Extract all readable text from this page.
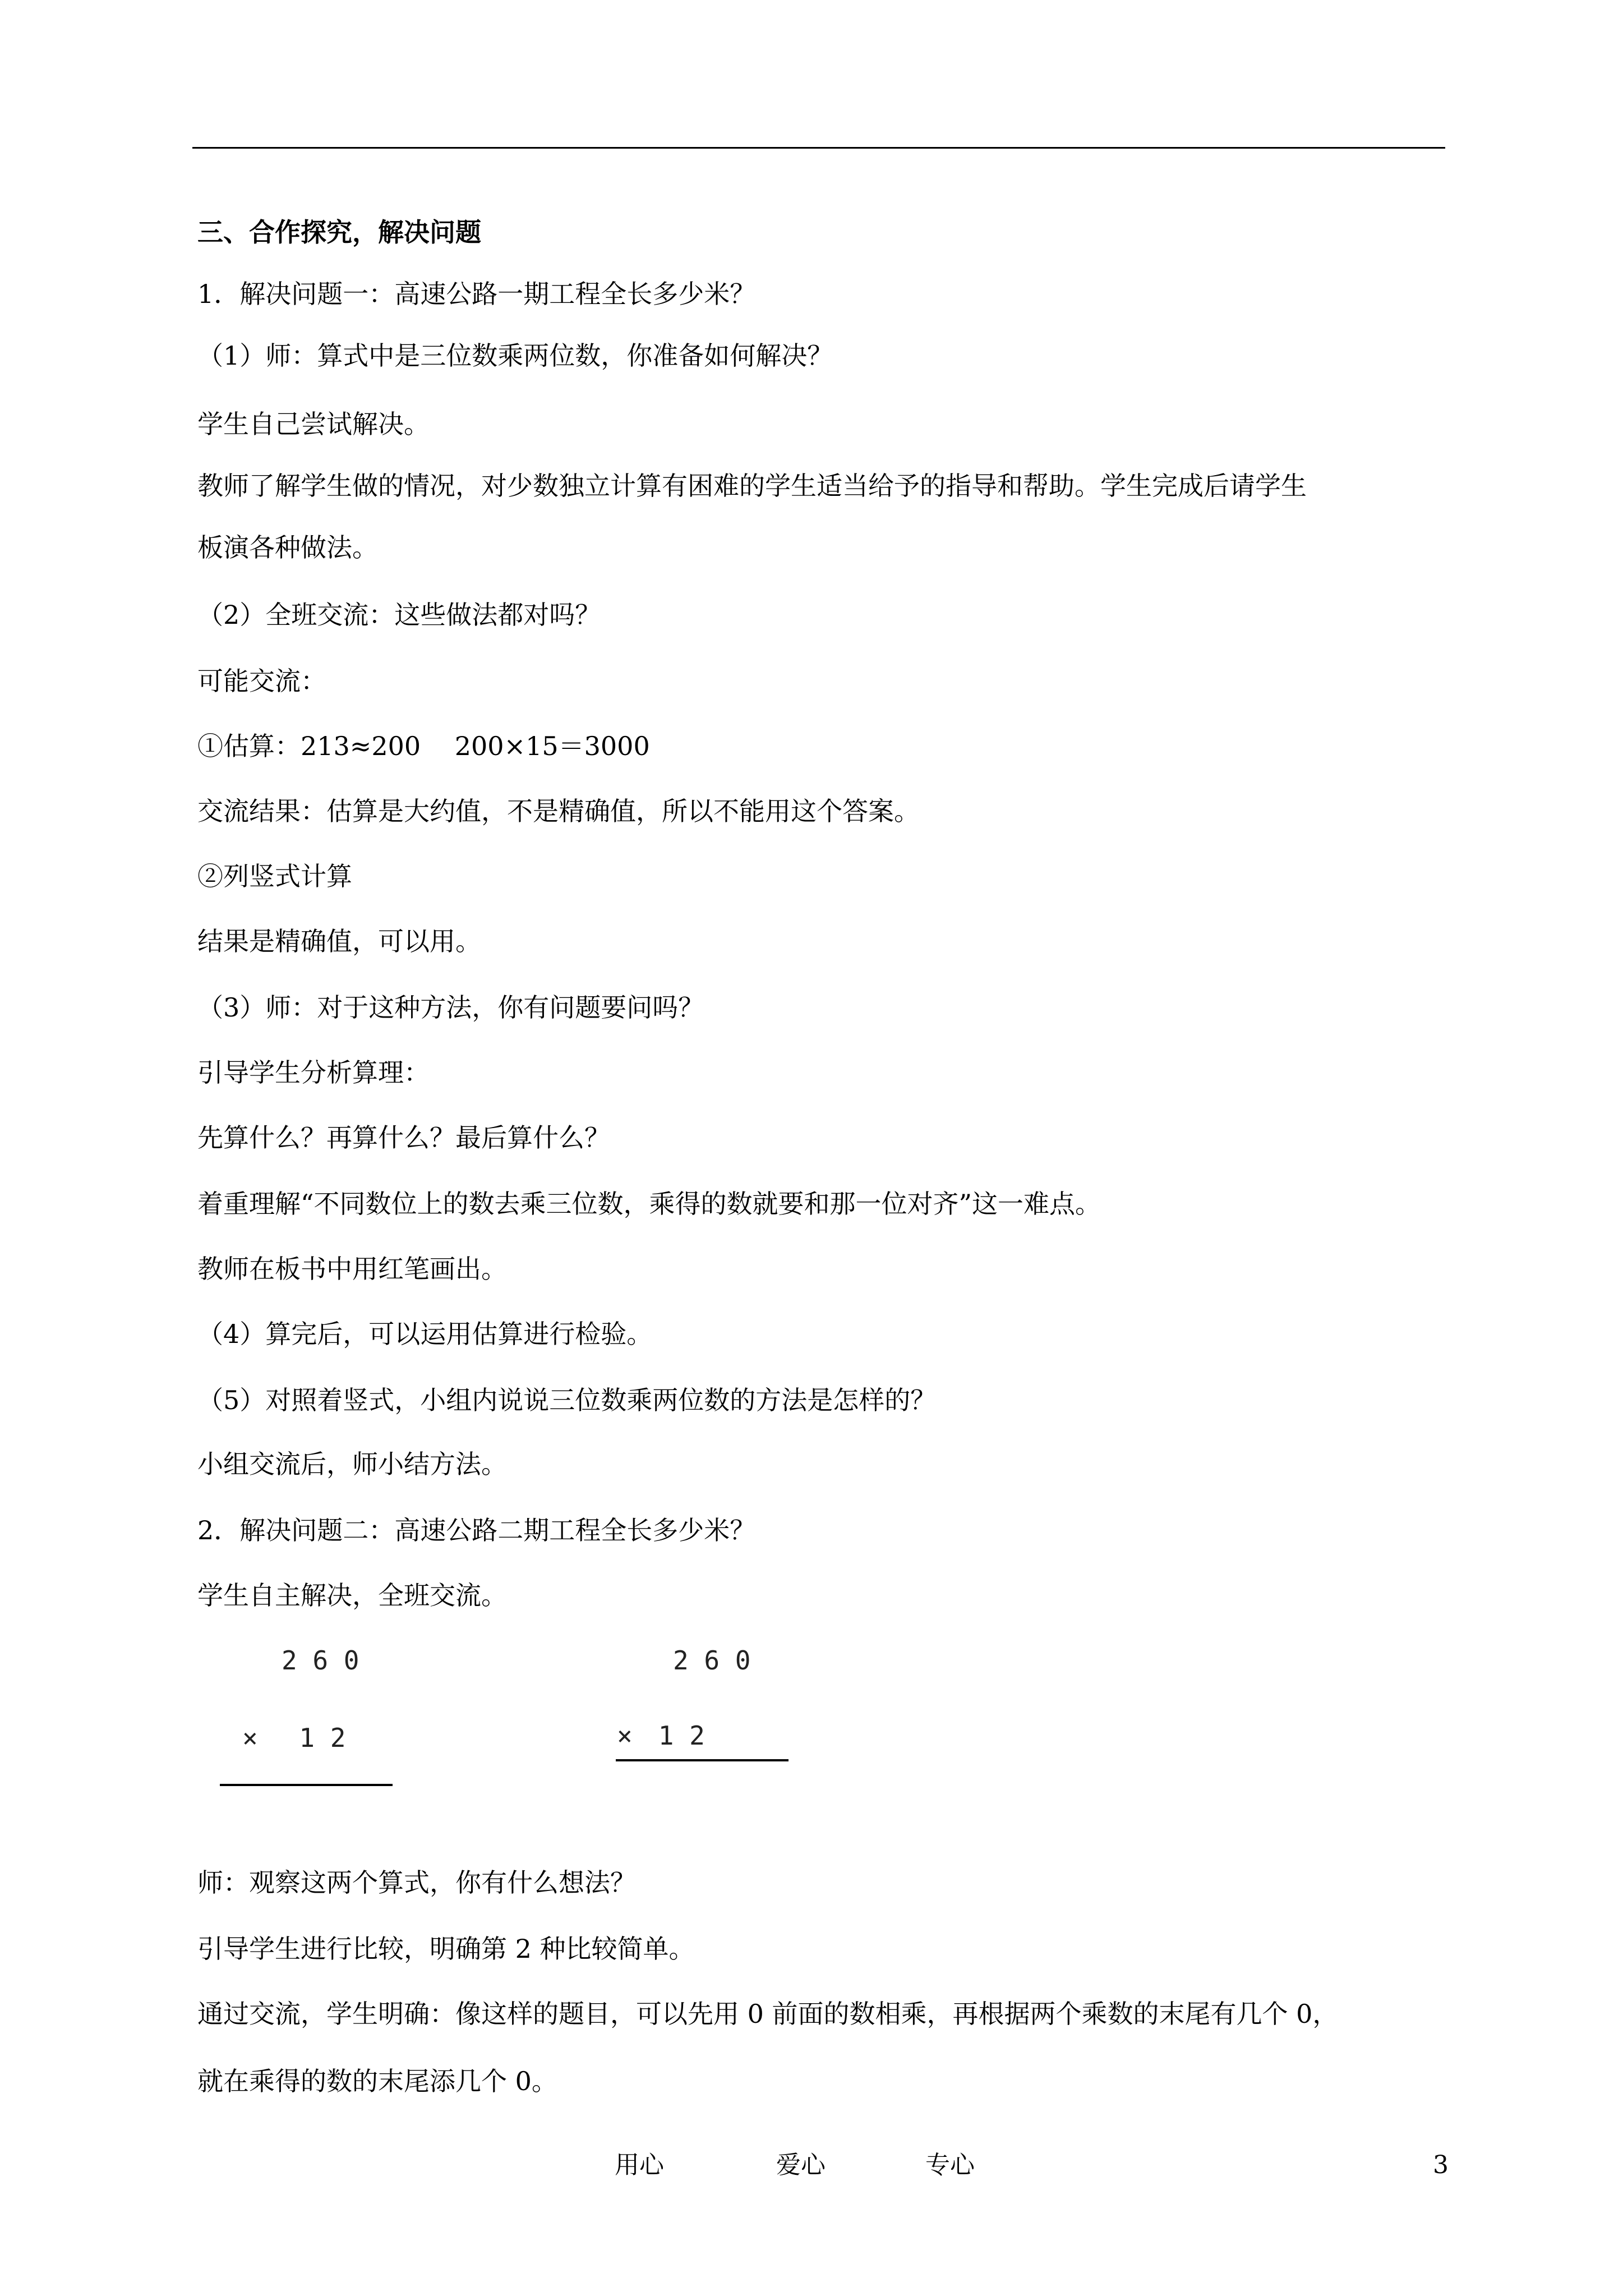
三、合作探究，解决问题
1．解决问题一：高速公路一期工程全长多少米？
（1）师：算式中是三位数乘两位数，你准备如何解决？
学生自己尝试解决。
教师了解学生做的情况，对少数独立计算有困难的学生适当给予的指导和帮助。学生完成后请学生
板演各种做法。
（2）全班交流：这些做法都对吗？
可能交流：
①估算：213≈200　 200×15＝3000
交流结果：估算是大约值，不是精确值，所以不能用这个答案。
②列竖式计算
结果是精确值，可以用。
（3）师：对于这种方法，你有问题要问吗？
引导学生分析算理：
先算什么？再算什么？最后算什么？
着重理解“不同数位上的数去乘三位数，乘得的数就要和那一位对齐”这一难点。
教师在板书中用红笔画出。
（4）算完后，可以运用估算进行检验。
（5）对照着竖式，小组内说说三位数乘两位数的方法是怎样的？
小组交流后，师小结方法。
2．解决问题二：高速公路二期工程全长多少米？
学生自主解决，全班交流。
2 6 0
×　 1 2
2 6 0
×　1 2
师：观察这两个算式，你有什么想法？
引导学生进行比较，明确第 2 种比较简单。
通过交流，学生明确：像这样的题目，可以先用 0 前面的数相乘，再根据两个乘数的末尾有几个 0，
就在乘得的数的末尾添几个 0。
用心	爱心	专心	3
